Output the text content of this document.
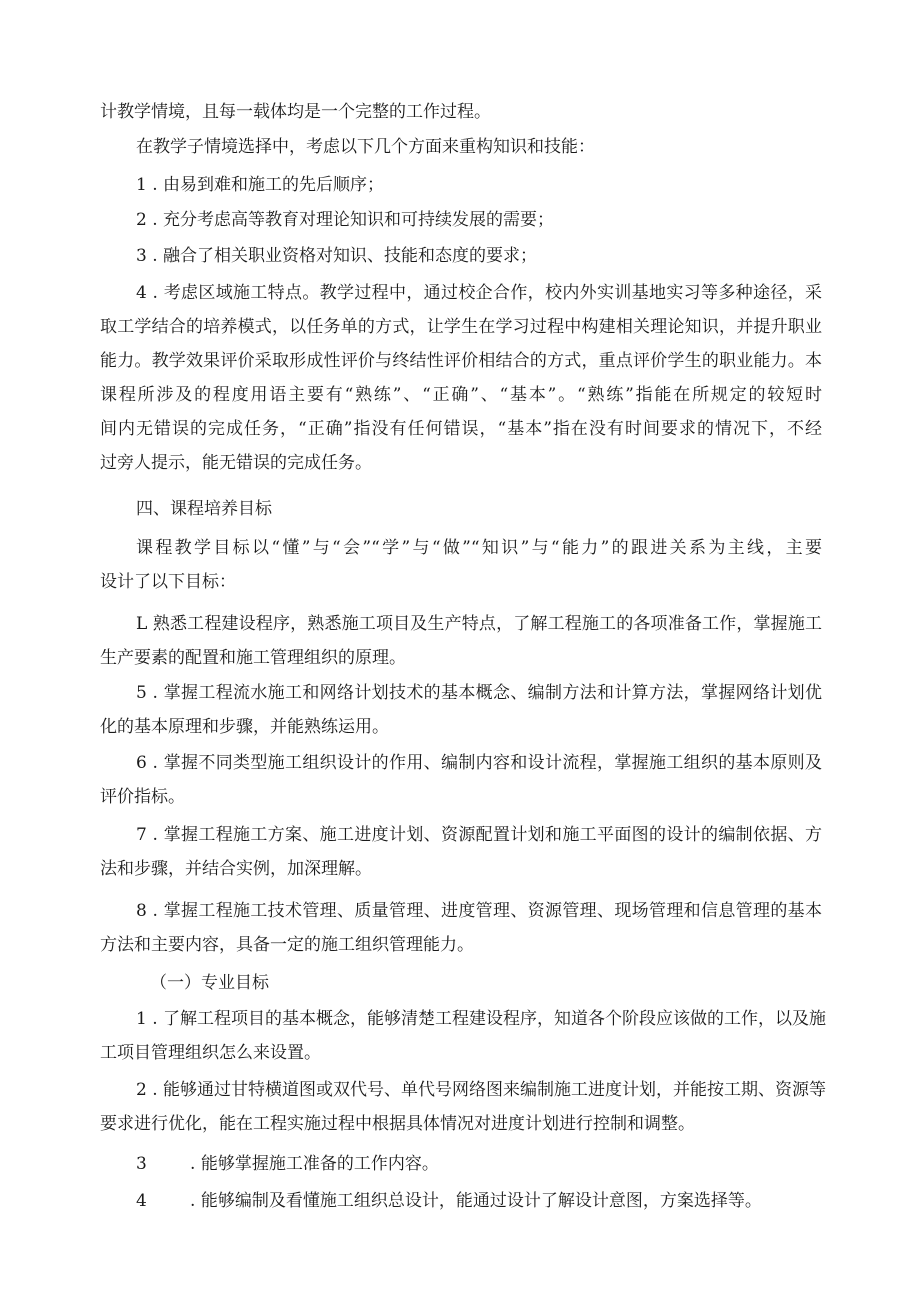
计教学情境，且每一载体均是一个完整的工作过程。
在教学子情境选择中，考虑以下几个方面来重构知识和技能：
1 . 由易到难和施工的先后顺序；
2 . 充分考虑高等教育对理论知识和可持续发展的需要；
3 . 融合了相关职业资格对知识、技能和态度的要求；
4 . 考虑区域施工特点。教学过程中，通过校企合作，校内外实训基地实习等多种途径，采
取工学结合的培养模式，以任务单的方式，让学生在学习过程中构建相关理论知识，并提升职业
能力。教学效果评价采取形成性评价与终结性评价相结合的方式，重点评价学生的职业能力。本
课程所涉及的程度用语主要有“熟练”、“正确”、“基本”。“熟练”指能在所规定的较短时
间内无错误的完成任务，“正确”指没有任何错误，“基本”指在没有时间要求的情况下，不经
过旁人提示，能无错误的完成任务。
四、课程培养目标
课程教学目标以“懂”与“会”“学”与“做”“知识”与“能力”的跟进关系为主线，主要
设计了以下目标：
L 熟悉工程建设程序，熟悉施工项目及生产特点，了解工程施工的各项准备工作，掌握施工
生产要素的配置和施工管理组织的原理。
5 . 掌握工程流水施工和网络计划技术的基本概念、编制方法和计算方法，掌握网络计划优
化的基本原理和步骤，并能熟练运用。
6 . 掌握不同类型施工组织设计的作用、编制内容和设计流程，掌握施工组织的基本原则及
评价指标。
7 . 掌握工程施工方案、施工进度计划、资源配置计划和施工平面图的设计的编制依据、方
法和步骤，并结合实例，加深理解。
8 . 掌握工程施工技术管理、质量管理、进度管理、资源管理、现场管理和信息管理的基本
方法和主要内容，具备一定的施工组织管理能力。
（一）专业目标
1 . 了解工程项目的基本概念，能够清楚工程建设程序，知道各个阶段应该做的工作，以及施
工项目管理组织怎么来设置。
2 . 能够通过甘特横道图或双代号、单代号网络图来编制施工进度计划，并能按工期、资源等
要求进行优化，能在工程实施过程中根据具体情况对进度计划进行控制和调整。
3        . 能够掌握施工准备的工作内容。
4        . 能够编制及看懂施工组织总设计，能通过设计了解设计意图，方案选择等。
